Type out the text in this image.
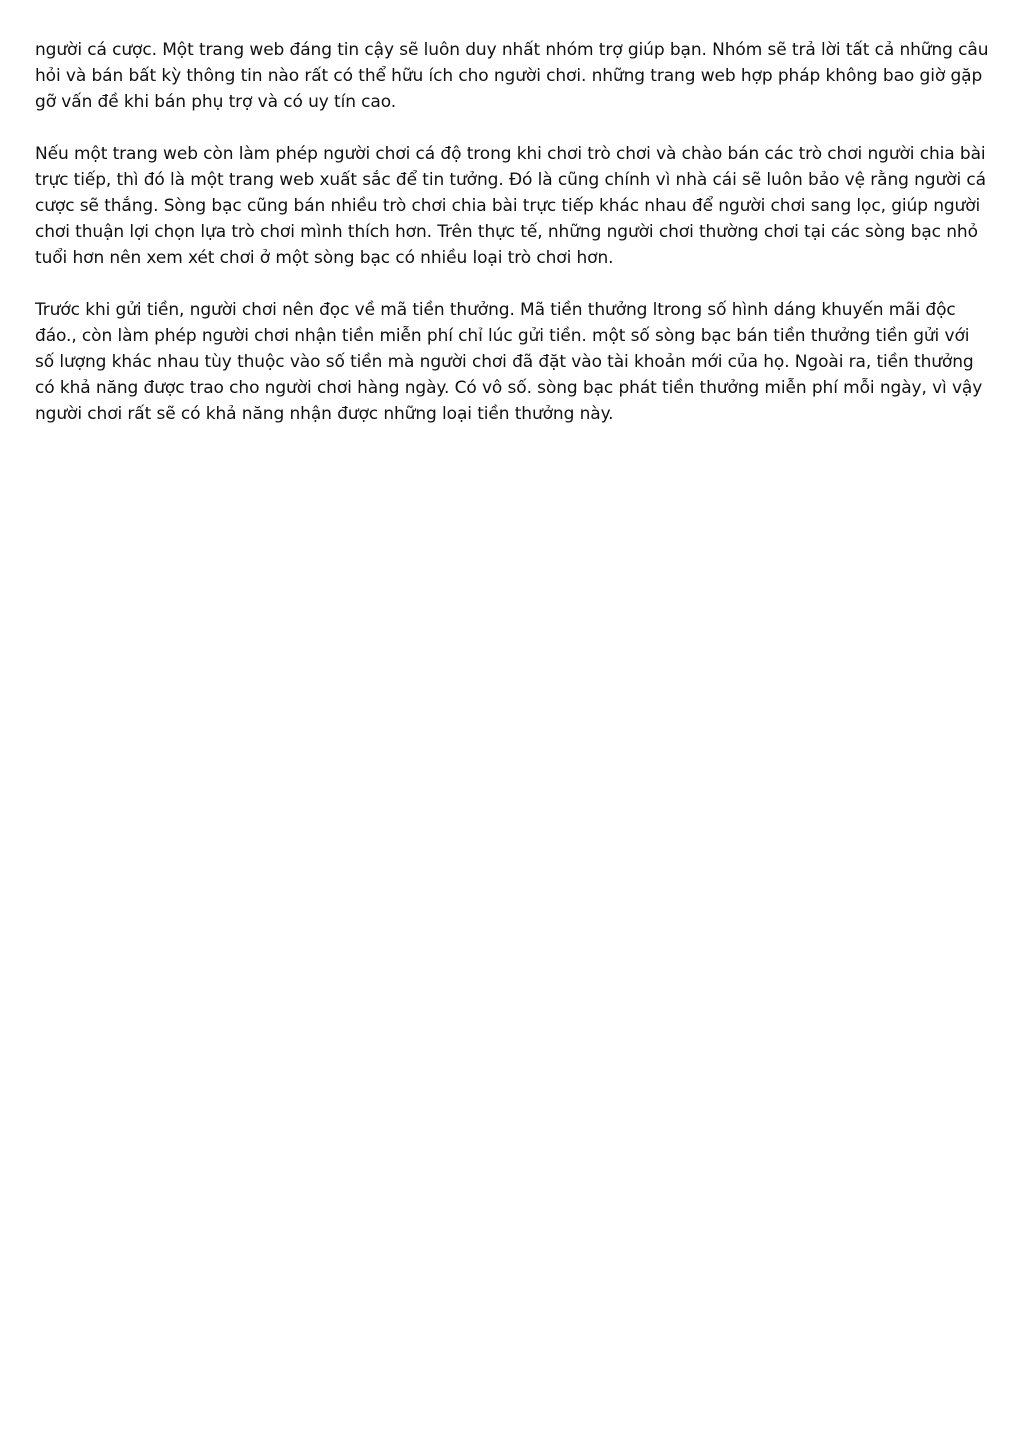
người cá cược. Một trang web đáng tin cậy sẽ luôn duy nhất nhóm trợ giúp bạn. Nhóm sẽ trả lời tất cả những câu hỏi và bán bất kỳ thông tin nào rất có thể hữu ích cho người chơi. những trang web hợp pháp không bao giờ gặp gỡ vấn đề khi bán phụ trợ và có uy tín cao.

Nếu một trang web còn làm phép người chơi cá độ trong khi chơi trò chơi và chào bán các trò chơi người chia bài trực tiếp, thì đó là một trang web xuất sắc để tin tưởng. Đó là cũng chính vì nhà cái sẽ luôn bảo vệ rằng người cá cược sẽ thắng. Sòng bạc cũng bán nhiều trò chơi chia bài trực tiếp khác nhau để người chơi sang lọc, giúp người chơi thuận lợi chọn lựa trò chơi mình thích hơn. Trên thực tế, những người chơi thường chơi tại các sòng bạc nhỏ tuổi hơn nên xem xét chơi ở một sòng bạc có nhiều loại trò chơi hơn.

Trước khi gửi tiền, người chơi nên đọc về mã tiền thưởng. Mã tiền thưởng ltrong số hình dáng khuyến mãi độc đáo., còn làm phép người chơi nhận tiền miễn phí chỉ lúc gửi tiền. một số sòng bạc bán tiền thưởng tiền gửi với số lượng khác nhau tùy thuộc vào số tiền mà người chơi đã đặt vào tài khoản mới của họ. Ngoài ra, tiền thưởng có khả năng được trao cho người chơi hàng ngày. Có vô số. sòng bạc phát tiền thưởng miễn phí mỗi ngày, vì vậy người chơi rất sẽ có khả năng nhận được những loại tiền thưởng này.
